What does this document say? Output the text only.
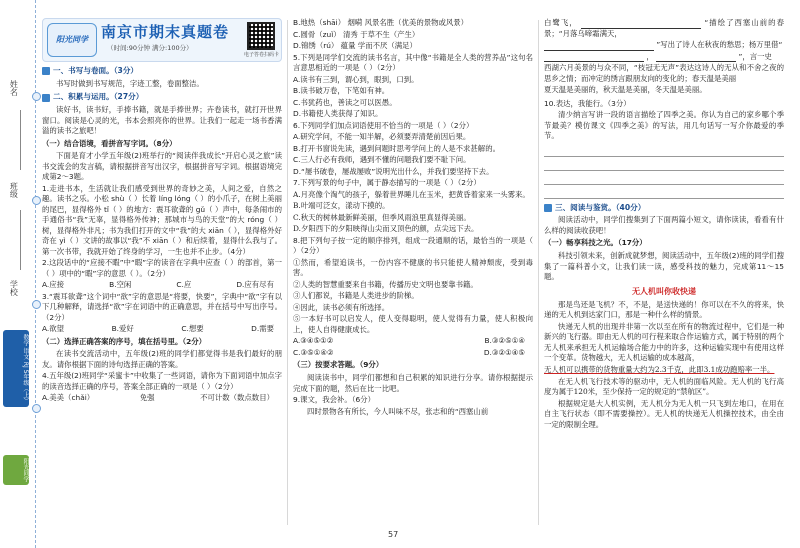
姓名
班级
学校
数学 语文 RJ 5年级（上）
阳光同学
阳光同学 南京市期末真题卷
（时间:90分钟 满分:100分）
电子答卷扫码卡
一、书写与卷面。（3分）
书写时做到书写规范，字迹工整，卷面整洁。
二、积累与运用。（27分）
读好书，读书好，手捧书籍，就是手捧世界；卉卷读书，就打开世界窗口。阅读是心灵的光，书本会照亮你的世界。让我们一起走一场书香满溢的读书之旅吧！
（一）结合语境，看拼音写字词。（8分）
下面是育才小学五年级(2)班举行的“阅读伴我成长”开启心灵之旅”读书交流会的发言稿，请根据拼音写出汉字，根据拼音写字词。根据语境完成第2～3题。
1.走进书本，生活就让我们感受到世界的奇妙之美，人间之爱，自然之趣。读书之乐。小松 shù（ ）长着 líng lóng（ ）的小爪子，在树上美丽的尾巴，显得格外 tǐ（ ）的地方：震耳欲聋的 gǔ（ ）声中，每条闹市的手通俗书“我”无辜，显得格外传神；那城市与鸟的天堂”的大 róng（ ）树，显得格外非凡；书为我们打开的文中“我”的大 xiān（ ），显得格外好奇在 yì（ ）文讲的故事以“我”不 xiān（ ）和后续着，显得什么我与了。第一次书带，我就开始了终身的学习，一生也并不止步。（4分）
2.这段话中的“应接不暇”中“暇”字的读音在字典中应查（ ）的部首，第一（ ）项中的“暇”字的意思（ ）。（2分）
A.应接	B.空闲	C.应	D.应有尽有
3.“震耳欲聋”这个词中“欲”字的意思是“将要，快要”，字典中“欲”字有以下几种解释，请选择“欲”字在词语中的正确意思，并在括号中写出序号。（2分）
A.欲望	B.爱好	C.想要	D.需要
（二）选择正确答案的序号，填在括号里。（2分）
在读书交流活动中，五年级(2)班的同学们都觉得书是我们最好的朋友。请你根据下面的诗句选择正确的答案。
4.五年级(2)班同学“采蜜卡”中收集了一些词语，请你为下面词语中加点字的读音选择正确的序号，答案全部正确的一项是（ ）（2分）
A.美美（chǎi）	免强	不可计数（数点数目）
B.地热（shāi） 烟嗬 风景名胜（优美的景物或风景）
C.圆骨（zuǐ） 清秀 于草不生（产生）
D.锦绣（rú） 蕴量 学而不厌（满足）
5.下列是同学们交流的读书名言，其中像“书籍是全人类的营养品”这句名言意思相近的一项是（ ）（2分）
A.读书有三到，谓心到，眼到，口到。
B.读书破万卷，下笔如有神。
C.书犹药也，善读之可以医愚。
D.书籍使人类获得了知识。
6.下列同学们加点词语使用不恰当的一项是（ ）（2分）
A.研究学问，不能一知半解，必须要弄清楚前因后果。
B.打开书窗说先读，遇到问题时思考学问上的人是不求甚解的。
C.三人行必有我师，遇到不懂的问题我们要不耻下问。
D.“屡书破卷，屡战屡败”说明光出什么，并我们要坚持下去。
7.下列写景的句子中，属于静态描写的一项是（ ）（2分）
A.月亮像个淘气的孩子，躲着世界睡儿在玉米，把黄昏着家来一头雾来。
B.叶端可泛女，漾动下摸的。
C.秋天的树林最新鲜美丽，但季风雨浪里真显得美丽。
D.夕阳西下的夕阳映得山尖而又顶色的颜，点尖远下去。
8.把下列句子按一定的顺序排列，组成一段通顺的话，最恰当的一项是（ ）（2分）
①然而，希望追读书，一份内容不健康的书只能使人精神颓废，受到毒害。
②人类的智慧重要来自书籍，传播历史文明也要靠书籍。
③人们都说，书籍是人类进步的阶梯。
④因此，读书必须有所选择。
⑤一本好书可以启发人，使人变得聪明，使人觉得有力量，使人积极向上，使人自得健康成长。
A.③④⑤①②	B.③②⑤①④
C.③⑤①④②	D.③②①④⑤
（三）按要求答题。（9分）
阅读读书中，同学们都想和自己积累的知识进行分享。请你根据提示完成下面的题，然后在比一比吧。
9.课文，我会补。（6分）
四时景物各有所长，今人叫味不尽，张志和的“西塞山前
白鹭飞，	“描绘了西塞山前的春景；“月落乌啼霜满天，
”写出了诗人在秋夜的愁思；杨万里借“
，	”，言一史
西湖六月美景的与众不同，“枝冠无无声”表达这诗人的无从和不舍之夜的思乡之情；而冲定的绣言跟朋友向的变化的；春天温是美丽
夏天温是美丽的，秋天温是美丽，冬天温是美丽。
10.表达，我能行。（3分）
清少纳言写讲一段的语言描绘了四季之美。你认为自己的家乡哪个季节最美？模仿课文《四季之美》的写法，用几句话写一写介你最爱的季节。
三、阅读与鉴赏。（40分）
阅读活动中，同学们搜集到了下面两篇小短文，请你读读，看看有什么样的阅读收获吧！
（一）畅享科技之光。（17分）
科技引领未来，创新成就梦想，阅读活动中，五年级(2)班的同学们搜集了一篇科普小文，让我们读一读，感受科技的魅力，完成第11～15题。
无人机叫你收快递
那是鸟还是飞机？不，不是，是送快递的！你可以在不久的将来，快递的无人机到达家门口，那是一种什么样的情景。
快递无人机的出现并非第一次以至在所有的物流过程中，它们是一种新兴的飞行器。即由无人机的可行程来取合作运输方式，属于特别的两个无人机来承担无人机运输场合能力中的许多，这种运输实现中有使用这样一个变革。货物越大，无人机运输的成本越高，
无人机可以携带的货物重量大约为2.3千克，此即3.1成功跑赔率一半。
在无人机飞行技术等的驱动中，无人机的面临风险。无人机的飞行高度为属于120米，至少保持一定的规定的“禁航区”。
根据规定是大人机实例，无人机分为无人机一只飞到左地口，在用在自主飞行状态（即不需要操控）。无人机的快递无人机操控技术，由全由一定的限制全理。
57
